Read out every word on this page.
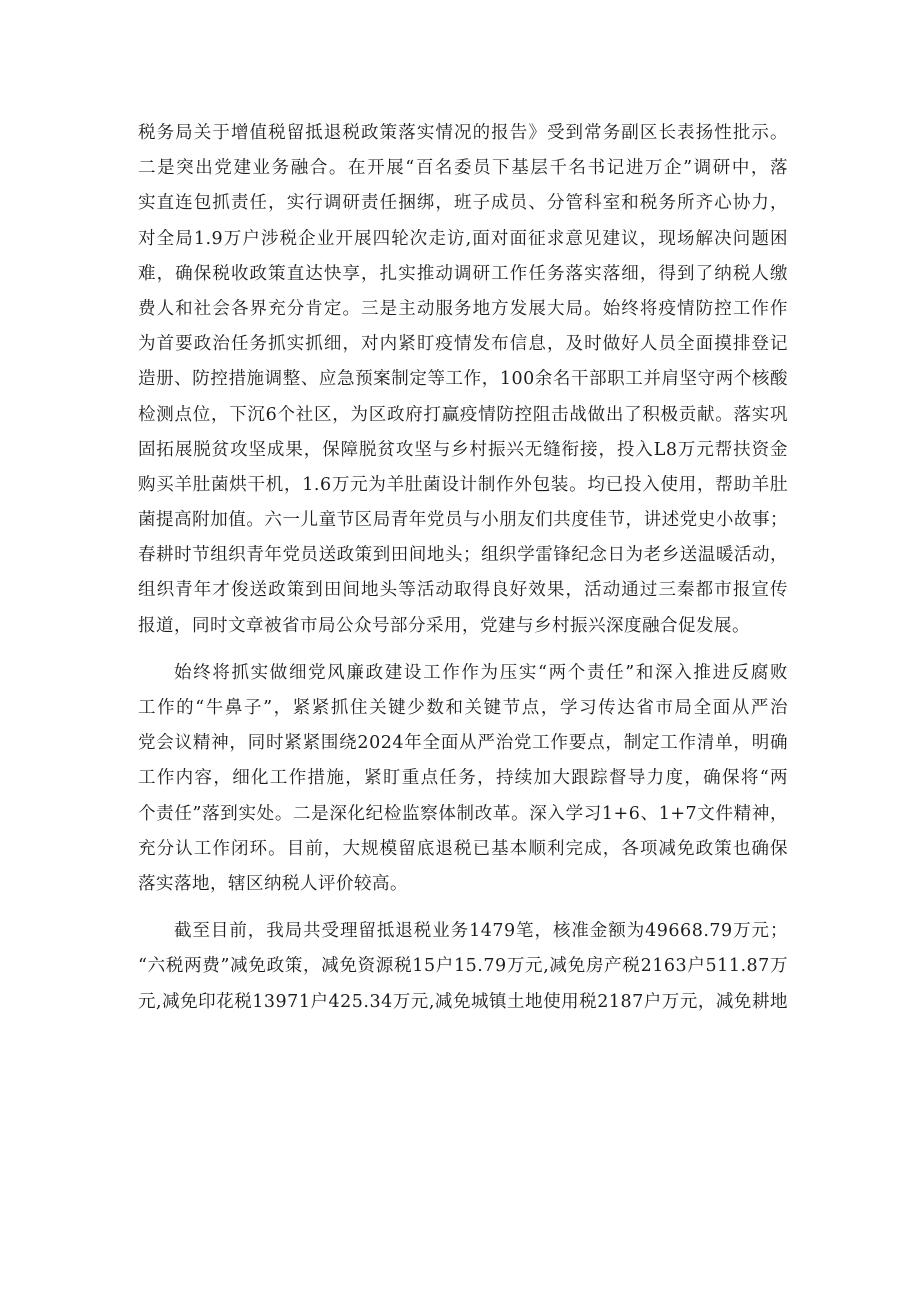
税务局关于增值税留抵退税政策落实情况的报告》受到常务副区长表扬性批示。
二是突出党建业务融合。在开展“百名委员下基层千名书记进万企”调研中，落
实直连包抓责任，实行调研责任捆绑，班子成员、分管科室和税务所齐心协力，
对全局1.9万户涉税企业开展四轮次走访,面对面征求意见建议，现场解决问题困
难，确保税收政策直达快享，扎实推动调研工作任务落实落细，得到了纳税人缴
费人和社会各界充分肯定。三是主动服务地方发展大局。始终将疫情防控工作作
为首要政治任务抓实抓细，对内紧盯疫情发布信息，及时做好人员全面摸排登记
造册、防控措施调整、应急预案制定等工作，100余名干部职工并肩坚守两个核酸
检测点位，下沉6个社区，为区政府打赢疫情防控阻击战做出了积极贡献。落实巩
固拓展脱贫攻坚成果，保障脱贫攻坚与乡村振兴无缝衔接，投入L8万元帮扶资金
购买羊肚菌烘干机，1.6万元为羊肚菌设计制作外包装。均已投入使用，帮助羊肚
菌提高附加值。六一儿童节区局青年党员与小朋友们共度佳节，讲述党史小故事；
春耕时节组织青年党员送政策到田间地头；组织学雷锋纪念日为老乡送温暖活动，
组织青年才俊送政策到田间地头等活动取得良好效果，活动通过三秦都市报宣传
报道，同时文章被省市局公众号部分采用，党建与乡村振兴深度融合促发展。
始终将抓实做细党风廉政建设工作作为压实“两个责任”和深入推进反腐败
工作的“牛鼻子”，紧紧抓住关键少数和关键节点，学习传达省市局全面从严治
党会议精神，同时紧紧围绕2024年全面从严治党工作要点，制定工作清单，明确
工作内容，细化工作措施，紧盯重点任务，持续加大跟踪督导力度，确保将“两
个责任”落到实处。二是深化纪检监察体制改革。深入学习1+6、1+7文件精神，
充分认工作闭环。目前，大规模留底退税已基本顺利完成，各项减免政策也确保
落实落地，辖区纳税人评价较高。
截至目前，我局共受理留抵退税业务1479笔，核准金额为49668.79万元；
“六税两费”减免政策，减免资源税15户15.79万元,减免房产税2163户511.87万
元,减免印花税13971户425.34万元,减免城镇土地使用税2187户万元，减免耕地
